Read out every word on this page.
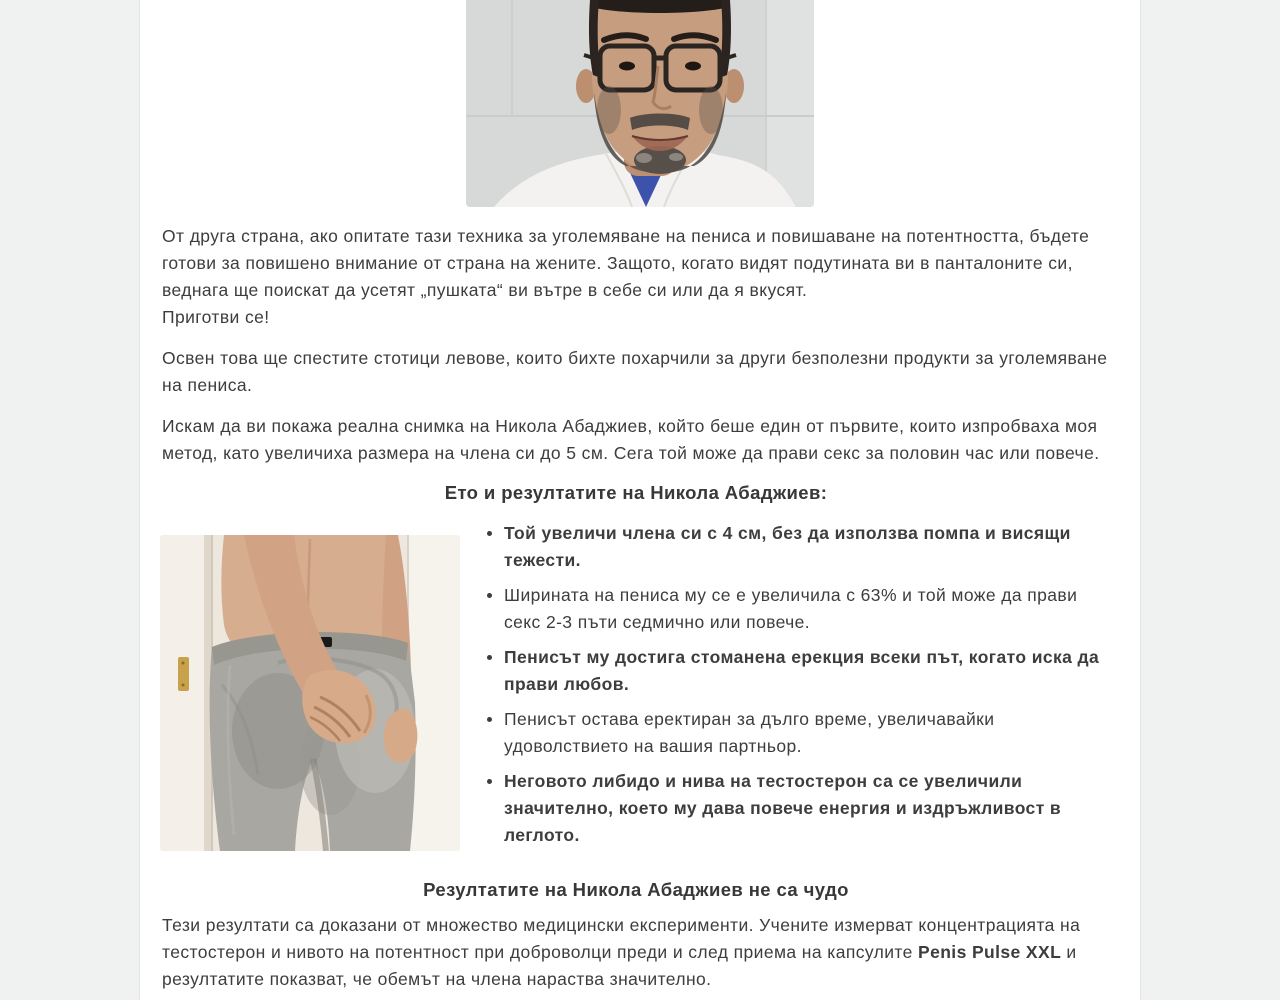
От друга страна, ако опитате тази техника за уголемяване на пениса и повишаване на потентността, бъдете готови за повишено внимание от страна на жените. Защото, когато видят подутината ви в панталоните си, веднага ще поискат да усетят „пушката“ ви вътре в себе си или да я вкусят.
Приготви се!

Освен това ще спестите стотици левове, които бихте похарчили за други безполезни продукти за уголемяване на пениса.

Искам да ви покажа реална снимка на Никола Абаджиев, който беше един от първите, които изпробваха моя метод, като увеличиха размера на члена си до 5 см. Сега той може да прави секс за половин час или повече.

Ето и резултатите на Никола Абаджиев:
Той увеличи члена си с 4 см, без да използва помпа и висящи тежести.
Ширината на пениса му се е увеличила с 63% и той може да прави секс 2-3 пъти седмично или повече.
Пенисът му достига стоманена ерекция всеки път, когато иска да прави любов.
Пенисът остава еректиран за дълго време, увеличавайки удоволствието на вашия партньор.
Неговото либидо и нива на тестостерон са се увеличили значително, което му дава повече енергия и издръжливост в леглото.
Резултатите на Никола Абаджиев не са чудо

Тези резултати са доказани от множество медицински експерименти. Учените измерват концентрацията на тестостерон и нивото на потентност при доброволци преди и след приема на капсулите Penis Pulse XXL и резултатите показват, че обемът на члена нараства значително.
